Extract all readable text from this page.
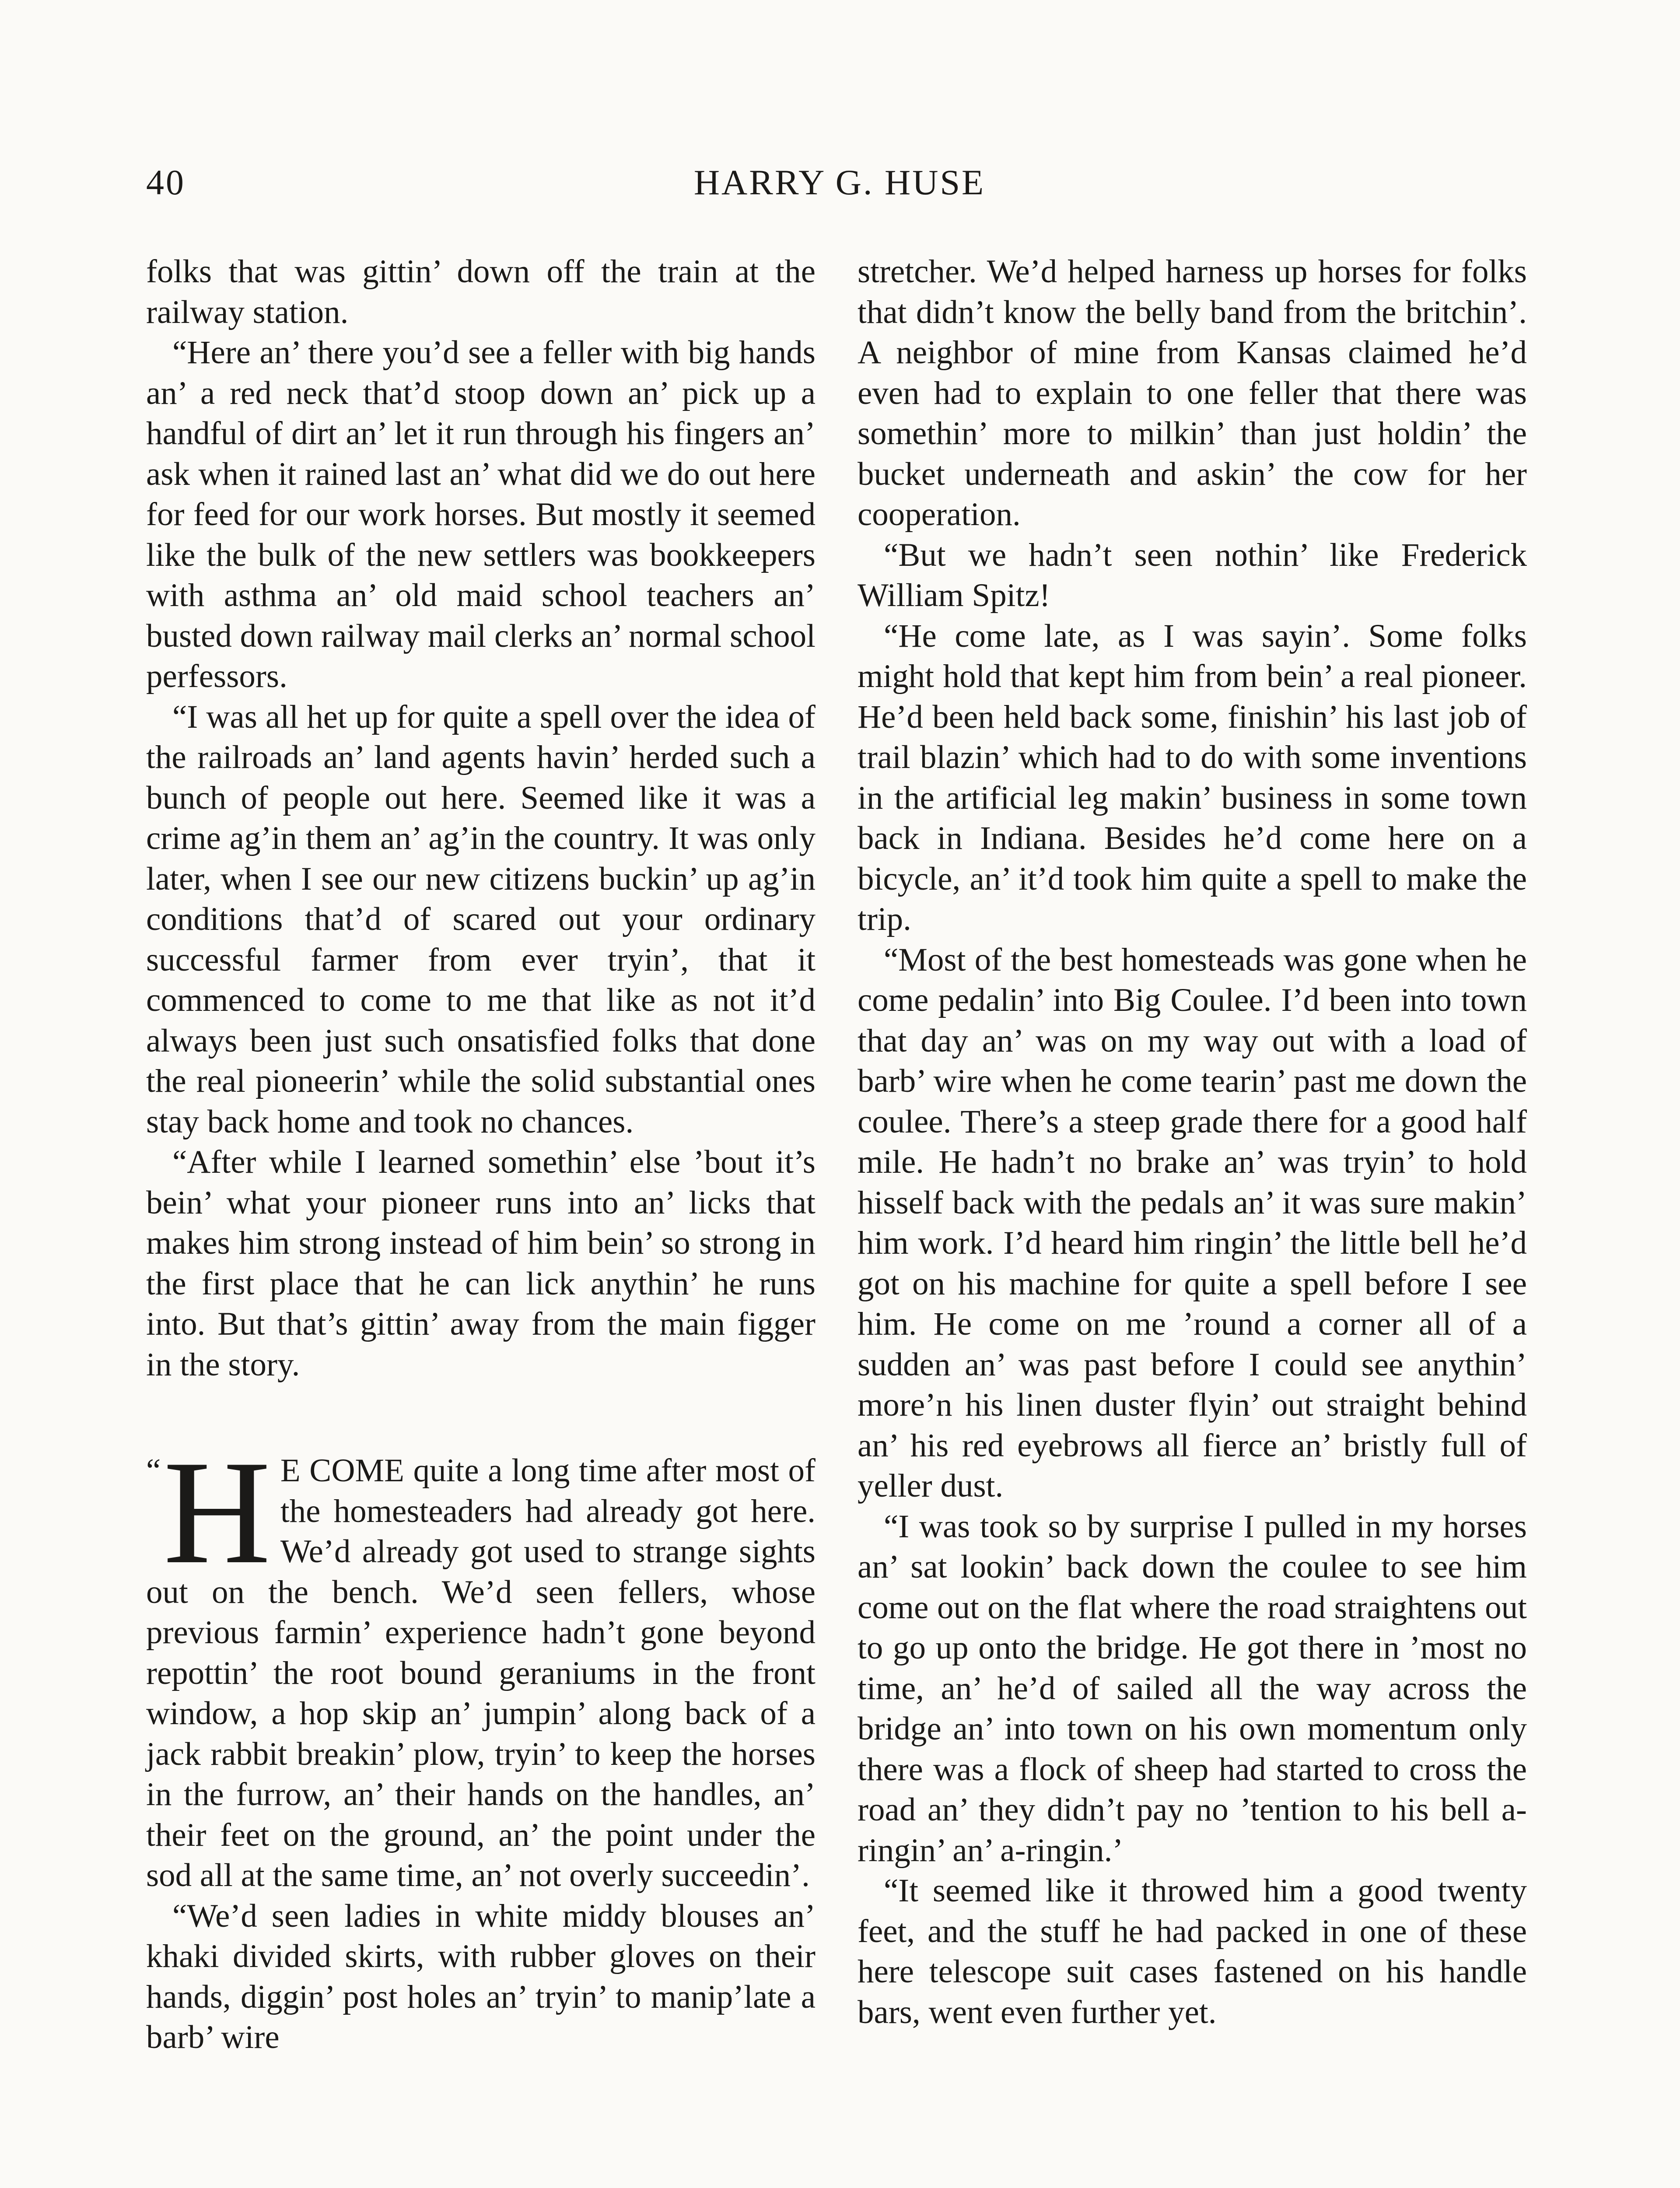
40	HARRY G. HUSE

folks that was gittin’ down off the train at the railway station.

“Here an’ there you’d see a feller with big hands an’ a red neck that’d stoop down an’ pick up a handful of dirt an’ let it run through his fingers an’ ask when it rained last an’ what did we do out here for feed for our work horses. But mostly it seemed like the bulk of the new settlers was bookkeepers with asthma an’ old maid school teachers an’ busted down railway mail clerks an’ normal school perfessors.

“I was all het up for quite a spell over the idea of the railroads an’ land agents havin’ herded such a bunch of people out here. Seemed like it was a crime ag’in them an’ ag’in the country. It was only later, when I see our new citizens buckin’ up ag’in conditions that’d of scared out your ordinary successful farmer from ever tryin’, that it commenced to come to me that like as not it’d always been just such onsatisfied folks that done the real pioneerin’ while the solid substantial ones stay back home and took no chances.

“After while I learned somethin’ else ’bout it’s bein’ what your pioneer runs into an’ licks that makes him strong instead of him bein’ so strong in the first place that he can lick anythin’ he runs into. But that’s gittin’ away from the main figger in the story.

“ H E COME quite a long time after most of the homesteaders had already got here. We’d already got used to strange sights out on the bench. We’d seen fellers, whose previous farmin’ experience hadn’t gone beyond repottin’ the root bound geraniums in the front window, a hop skip an’ jumpin’ along back of a jack rabbit breakin’ plow, tryin’ to keep the horses in the furrow, an’ their hands on the handles, an’ their feet on the ground, an’ the point under the sod all at the same time, an’ not overly succeedin’.

“We’d seen ladies in white middy blouses an’ khaki divided skirts, with rubber gloves on their hands, diggin’ post holes an’ tryin’ to manip’late a barb’ wire

stretcher. We’d helped harness up horses for folks that didn’t know the belly band from the britchin’. A neighbor of mine from Kansas claimed he’d even had to explain to one feller that there was somethin’ more to milkin’ than just holdin’ the bucket underneath and askin’ the cow for her cooperation.

“But we hadn’t seen nothin’ like Frederick William Spitz!

“He come late, as I was sayin’. Some folks might hold that kept him from bein’ a real pioneer. He’d been held back some, finishin’ his last job of trail blazin’ which had to do with some inventions in the artificial leg makin’ business in some town back in Indiana. Besides he’d come here on a bicycle, an’ it’d took him quite a spell to make the trip.

“Most of the best homesteads was gone when he come pedalin’ into Big Coulee. I’d been into town that day an’ was on my way out with a load of barb’ wire when he come tearin’ past me down the coulee. There’s a steep grade there for a good half mile. He hadn’t no brake an’ was tryin’ to hold hisself back with the pedals an’ it was sure makin’ him work. I’d heard him ringin’ the little bell he’d got on his machine for quite a spell before I see him. He come on me ’round a corner all of a sudden an’ was past before I could see anythin’ more’n his linen duster flyin’ out straight behind an’ his red eyebrows all fierce an’ bristly full of yeller dust.

“I was took so by surprise I pulled in my horses an’ sat lookin’ back down the coulee to see him come out on the flat where the road straightens out to go up onto the bridge. He got there in ’most no time, an’ he’d of sailed all the way across the bridge an’ into town on his own momentum only there was a flock of sheep had started to cross the road an’ they didn’t pay no ’tention to his bell a-ringin’ an’ a-ringin.’

“It seemed like it throwed him a good twenty feet, and the stuff he had packed in one of these here telescope suit cases fastened on his handle bars, went even further yet.
